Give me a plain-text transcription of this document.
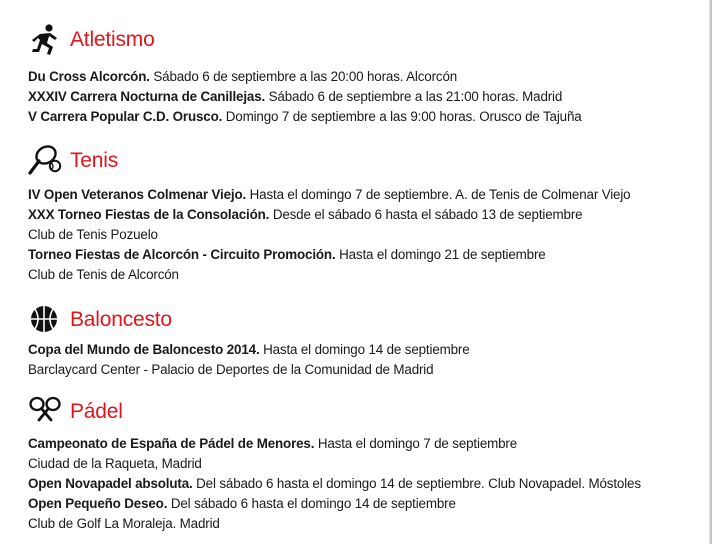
Atletismo
Du Cross Alcorcón. Sábado 6 de septiembre a las 20:00 horas. Alcorcón
XXXIV Carrera Nocturna de Canillejas. Sábado 6 de septiembre a las 21:00 horas. Madrid
V Carrera Popular C.D. Orusco. Domingo 7 de septiembre a las 9:00 horas. Orusco de Tajuña
Tenis
IV Open Veteranos Colmenar Viejo. Hasta el domingo 7 de septiembre. A. de Tenis de Colmenar Viejo
XXX Torneo Fiestas de la Consolación. Desde el sábado 6 hasta el sábado 13 de septiembre
Club de Tenis Pozuelo
Torneo Fiestas de Alcorcón - Circuito Promoción. Hasta el domingo 21 de septiembre
Club de Tenis de Alcorcón
Baloncesto
Copa del Mundo de Baloncesto 2014. Hasta el domingo 14 de septiembre
Barclaycard Center - Palacio de Deportes de la Comunidad de Madrid
Pádel
Campeonato de España de Pádel de Menores. Hasta el domingo 7 de septiembre
Ciudad de la Raqueta, Madrid
Open Novapadel absoluta. Del sábado 6 hasta el domingo 14 de septiembre. Club Novapadel. Móstoles
Open Pequeño Deseo. Del sábado 6 hasta el domingo 14 de septiembre
Club de Golf La Moraleja. Madrid
